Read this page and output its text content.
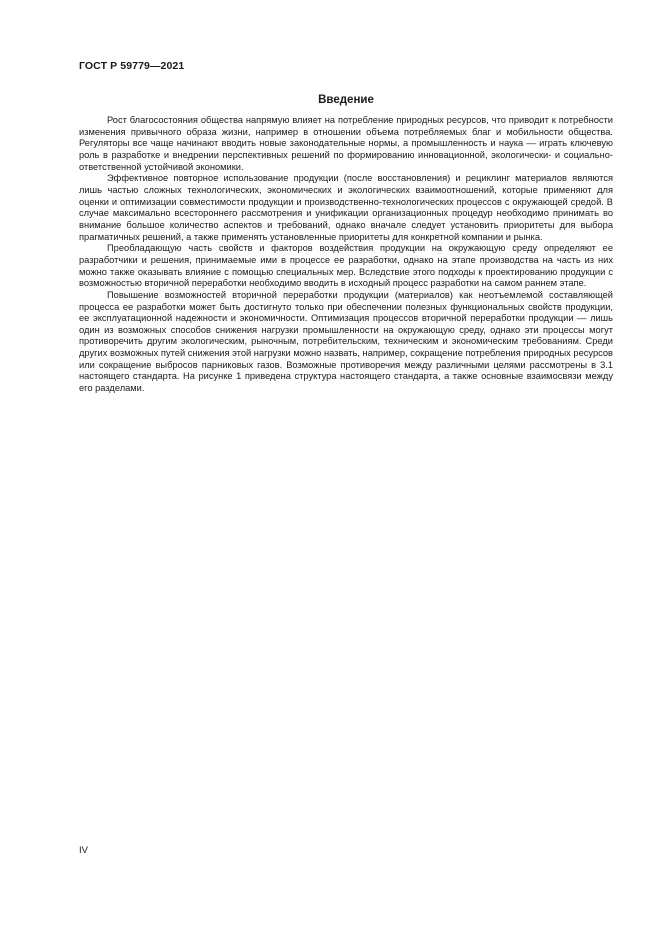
ГОСТ Р 59779—2021
Введение

Рост благосостояния общества напрямую влияет на потребление природных ресурсов, что приводит к потребности изменения привычного образа жизни, например в отношении объема потребляемых благ и мобильности общества. Регуляторы все чаще начинают вводить новые законодательные нормы, а промышленность и наука — играть ключевую роль в разработке и внедрении перспективных решений по формированию инновационной, экологически- и социально-ответственной устойчивой экономики.

Эффективное повторное использование продукции (после восстановления) и рециклинг материалов являются лишь частью сложных технологических, экономических и экологических взаимоотношений, которые применяют для оценки и оптимизации совместимости продукции и производственно-технологических процессов с окружающей средой. В случае максимально всестороннего рассмотрения и унификации организационных процедур необходимо принимать во внимание большое количество аспектов и требований, однако вначале следует установить приоритеты для выбора прагматичных решений, а также применять установленные приоритеты для конкретной компании и рынка.

Преобладающую часть свойств и факторов воздействия продукции на окружающую среду определяют ее разработчики и решения, принимаемые ими в процессе ее разработки, однако на этапе производства на часть из них можно также оказывать влияние с помощью специальных мер. Вследствие этого подходы к проектированию продукции с возможностью вторичной переработки необходимо вводить в исходный процесс разработки на самом раннем этапе.

Повышение возможностей вторичной переработки продукции (материалов) как неотъемлемой составляющей процесса ее разработки может быть достигнуто только при обеспечении полезных функциональных свойств продукции, ее эксплуатационной надежности и экономичности. Оптимизация процессов вторичной переработки продукции — лишь один из возможных способов снижения нагрузки промышленности на окружающую среду, однако эти процессы могут противоречить другим экологическим, рыночным, потребительским, техническим и экономическим требованиям. Среди других возможных путей снижения этой нагрузки можно назвать, например, сокращение потребления природных ресурсов или сокращение выбросов парниковых газов. Возможные противоречия между различными целями рассмотрены в 3.1 настоящего стандарта. На рисунке 1 приведена структура настоящего стандарта, а также основные взаимосвязи между его разделами.

IV
